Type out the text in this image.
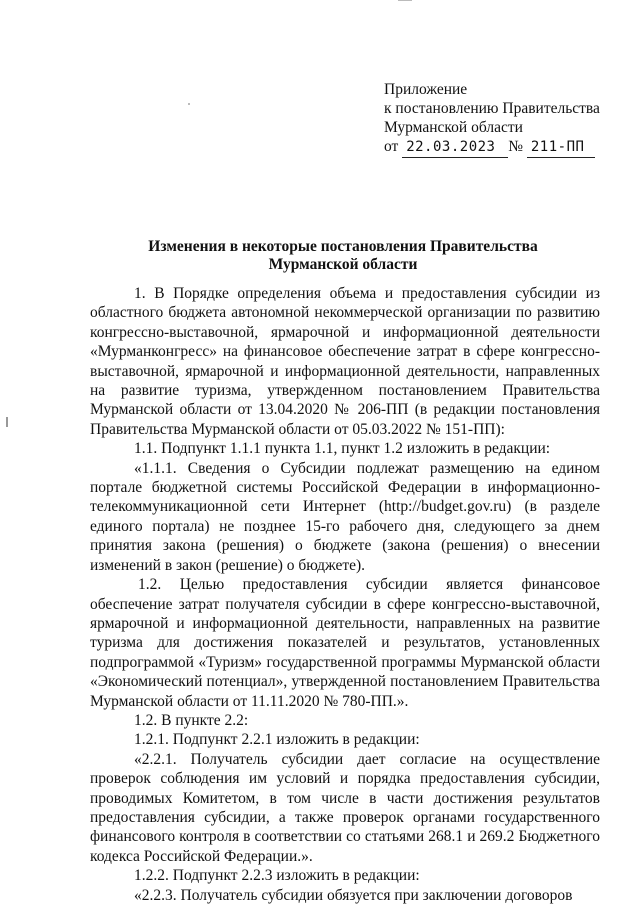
Приложение
к постановлению Правительства
Мурманской области
от 22.03.2023 № 211-ПП
Изменения в некоторые постановления Правительства
Мурманской области

1. В Порядке определения объема и предоставления субсидии из областного бюджета автономной некоммерческой организации по развитию конгрессно-выставочной, ярмарочной и информационной деятельности «Мурманконгресс» на финансовое обеспечение затрат в сфере конгрессно-выставочной, ярмарочной и информационной деятельности, направленных на развитие туризма, утвержденном постановлением Правительства Мурманской области от 13.04.2020 № 206-ПП (в редакции постановления Правительства Мурманской области от 05.03.2022 № 151-ПП):

1.1. Подпункт 1.1.1 пункта 1.1, пункт 1.2 изложить в редакции:

«1.1.1. Сведения о Субсидии подлежат размещению на едином портале бюджетной системы Российской Федерации в информационно-телекоммуникационной сети Интернет (http://budget.gov.ru) (в разделе единого портала) не позднее 15-го рабочего дня, следующего за днем принятия закона (решения) о бюджете (закона (решения) о внесении изменений в закон (решение) о бюджете).

1.2. Целью предоставления субсидии является финансовое обеспечение затрат получателя субсидии в сфере конгрессно-выставочной, ярмарочной и информационной деятельности, направленных на развитие туризма для достижения показателей и результатов, установленных подпрограммой «Туризм» государственной программы Мурманской области «Экономический потенциал», утвержденной постановлением Правительства Мурманской области от 11.11.2020 № 780-ПП.».

1.2. В пункте 2.2:

1.2.1. Подпункт 2.2.1 изложить в редакции:

«2.2.1. Получатель субсидии дает согласие на осуществление проверок соблюдения им условий и порядка предоставления субсидии, проводимых Комитетом, в том числе в части достижения результатов предоставления субсидии, а также проверок органами государственного финансового контроля в соответствии со статьями 268.1 и 269.2 Бюджетного кодекса Российской Федерации.».

1.2.2. Подпункт 2.2.3 изложить в редакции:

«2.2.3. Получатель субсидии обязуется при заключении договоров
